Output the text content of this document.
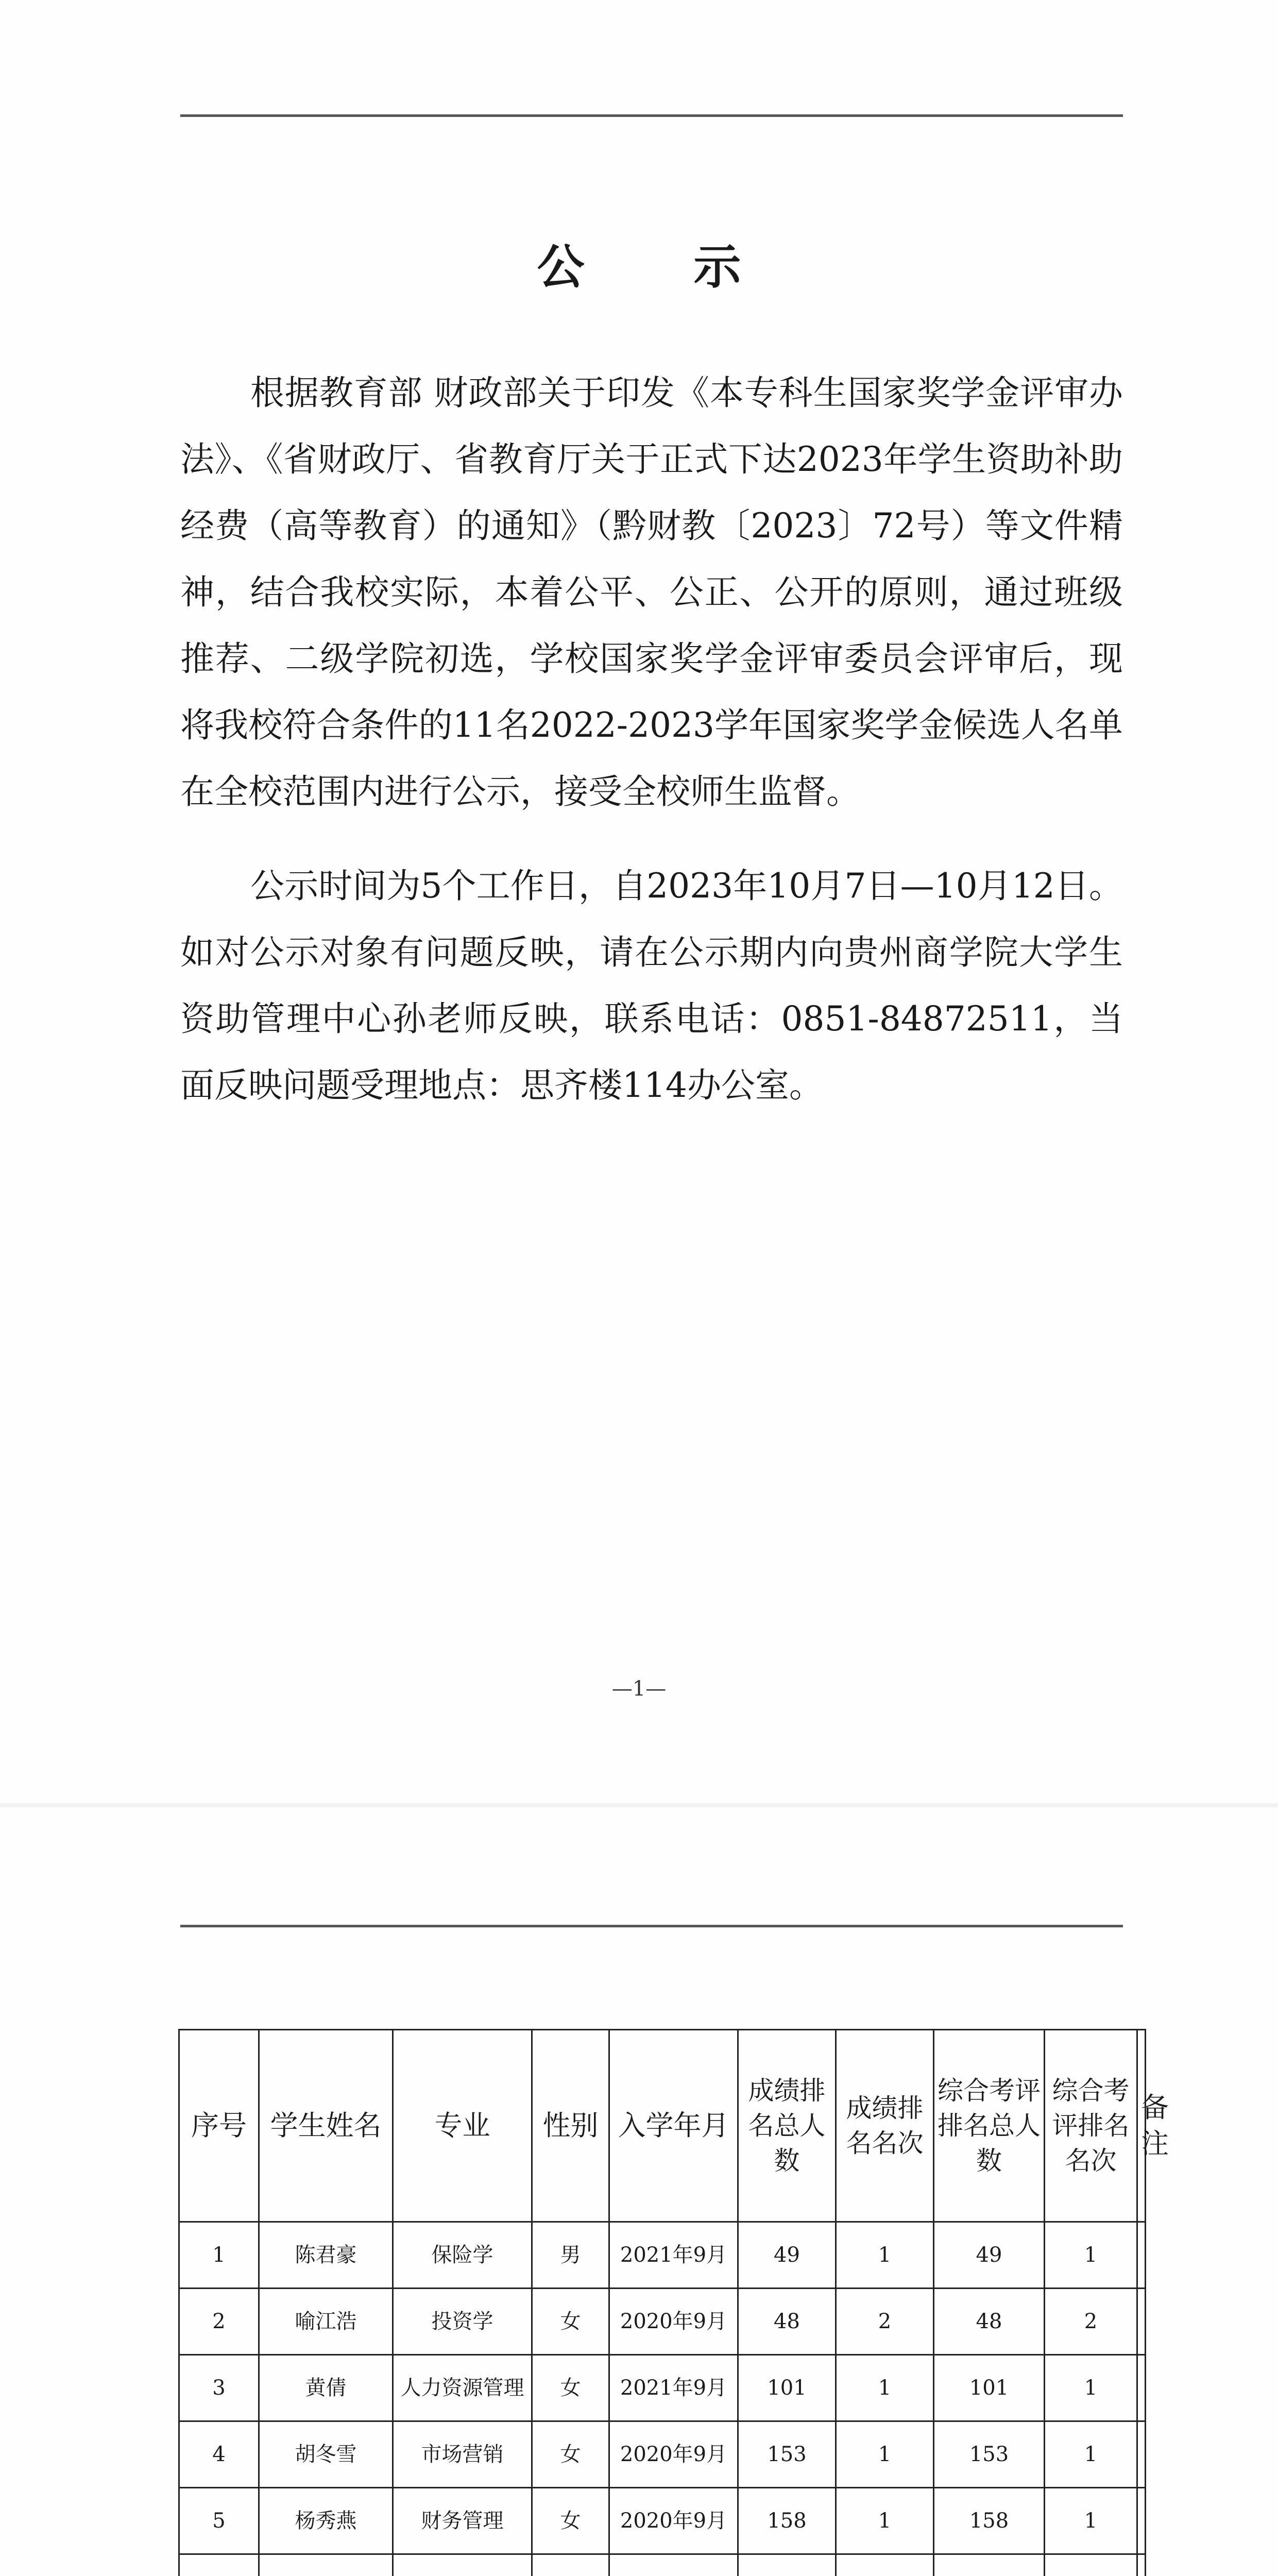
公 示

根据教育部 财政部关于印发《本专科生国家奖学金评审办法》、《省财政厅、省教育厅关于正式下达2023年学生资助补助经费（高等教育）的通知》（黔财教〔2023〕72号）等文件精神，结合我校实际，本着公平、公正、公开的原则，通过班级推荐、二级学院初选，学校国家奖学金评审委员会评审后，现将我校符合条件的11名2022-2023学年国家奖学金候选人名单在全校范围内进行公示，接受全校师生监督。

公示时间为5个工作日，自2023年10月7日—10月12日。如对公示对象有问题反映，请在公示期内向贵州商学院大学生资助管理中心孙老师反映，联系电话：0851-84872511，当面反映问题受理地点：思齐楼114办公室。

—1—
序号	学生姓名	专业	性别	入学年月	成绩排名总人数	成绩排名名次	综合考评排名总人数	综合考评排名名次	备注
1	陈君豪	保险学	男	2021年9月	49	1	49	1	
2	喻江浩	投资学	女	2020年9月	48	2	48	2	
3	黄倩	人力资源管理	女	2021年9月	101	1	101	1	
4	胡冬雪	市场营销	女	2020年9月	153	1	153	1	
5	杨秀燕	财务管理	女	2020年9月	158	1	158	1	
